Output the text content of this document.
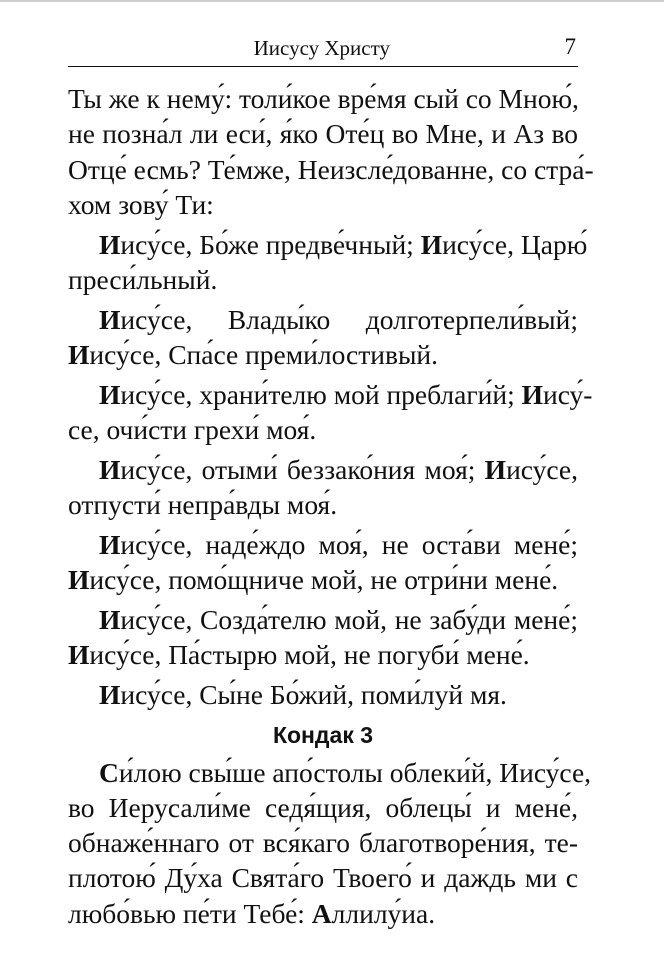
Иисусу Христу	7
Ты же к нему́: толи́кое вре́мя сый со Мною́,
не позна́л ли еси́, я́ко Оте́ц во Мне, и Аз во
Отце́ есмь? Те́мже, Неизсле́дованне, со стра́-
хом зову́ Ти:
Иису́се, Бо́же предве́чный; Иису́се, Царю́
преси́льный.
Иису́се, Влады́ко долготерпели́вый;
Иису́се, Спа́се преми́лостивый.
Иису́се, храни́телю мой преблаги́й; Иису́-
се, очи́сти грехи́ моя́.
Иису́се, отыми́ беззако́ния моя́; Иису́се,
отпусти́ непра́вды моя́.
Иису́се, наде́ждо моя́, не оста́ви мене́;
Иису́се, помо́щниче мой, не отри́ни мене́.
Иису́се, Созда́телю мой, не забу́ди мене́;
Иису́се, Па́стырю мой, не погуби́ мене́.
Иису́се, Сы́не Бо́жий, поми́луй мя.
Кондак 3
Си́лою свы́ше апо́столы облеки́й, Иису́се,
во Иерусали́ме седя́щия, облецы́ и мене́,
обнаже́ннаго от вся́каго благотворе́ния, те-
плотою́ Ду́ха Свята́го Твоего́ и даждь ми с
любо́вью пе́ти Тебе́: Аллилу́иа.
